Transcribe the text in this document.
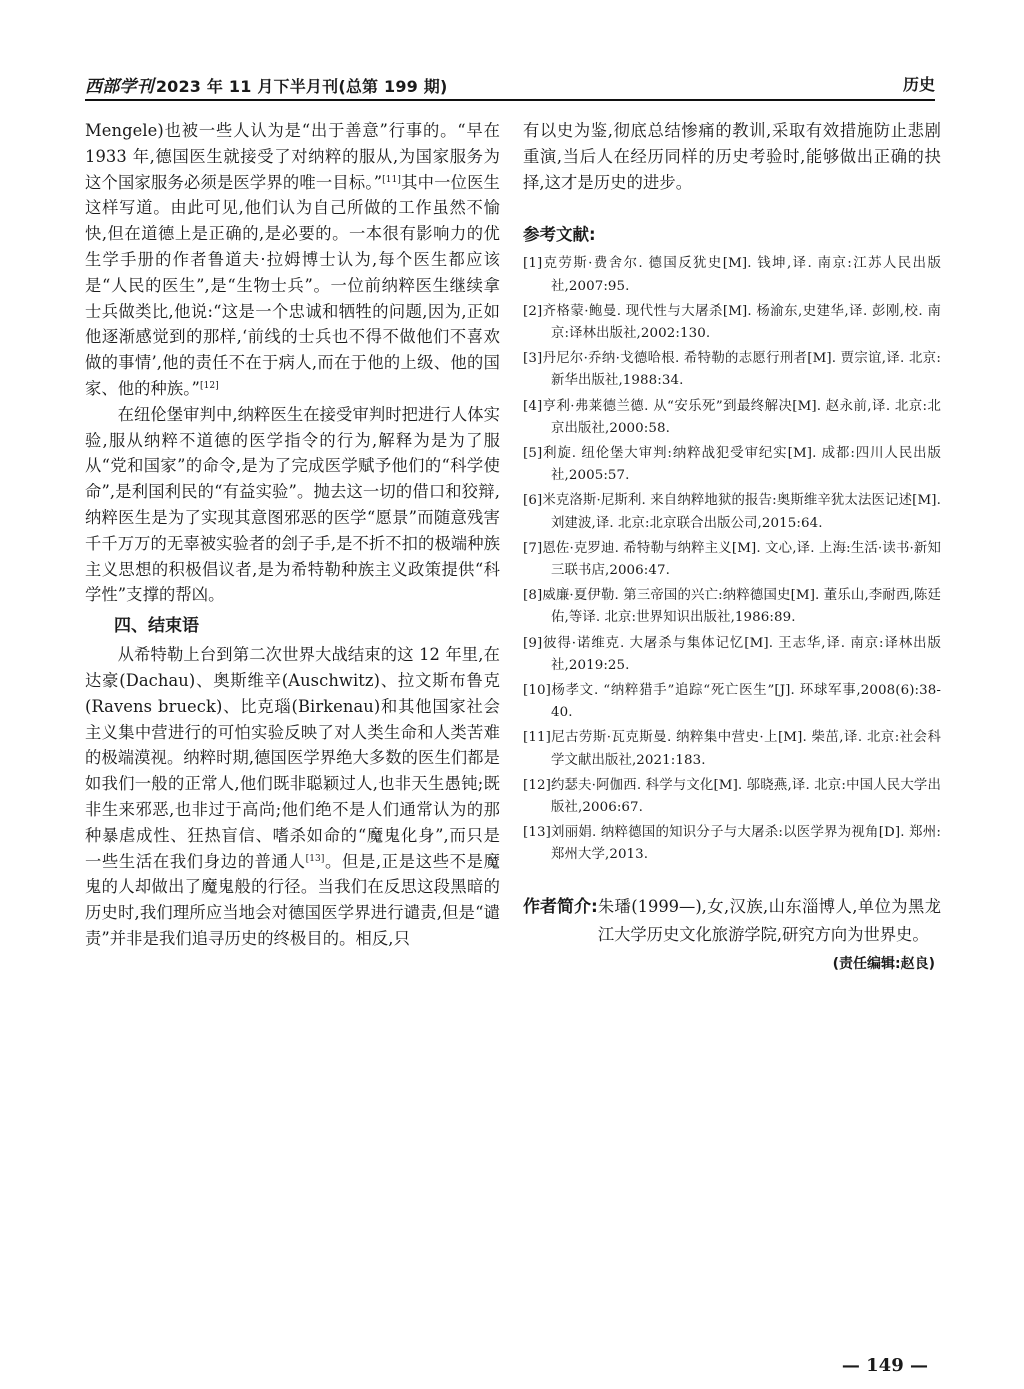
西部学刊 2023 年 11 月下半月刊(总第 199 期)	历史

Mengele)也被一些人认为是“出于善意”行事的。“早在 1933 年,德国医生就接受了对纳粹的服从,为国家服务为这个国家服务必须是医学界的唯一目标。”[11]其中一位医生这样写道。由此可见,他们认为自己所做的工作虽然不愉快,但在道德上是正确的,是必要的。一本很有影响力的优生学手册的作者鲁道夫·拉姆博士认为,每个医生都应该是“人民的医生”,是“生物士兵”。一位前纳粹医生继续拿士兵做类比,他说:“这是一个忠诚和牺牲的问题,因为,正如他逐渐感觉到的那样,‘前线的士兵也不得不做他们不喜欢做的事情’,他的责任不在于病人,而在于他的上级、他的国家、他的种族。”[12]

在纽伦堡审判中,纳粹医生在接受审判时把进行人体实验,服从纳粹不道德的医学指令的行为,解释为是为了服从“党和国家”的命令,是为了完成医学赋予他们的“科学使命”,是利国利民的“有益实验”。抛去这一切的借口和狡辩,纳粹医生是为了实现其意图邪恶的医学“愿景”而随意残害千千万万的无辜被实验者的刽子手,是不折不扣的极端种族主义思想的积极倡议者,是为希特勒种族主义政策提供“科学性”支撑的帮凶。

四、结束语

从希特勒上台到第二次世界大战结束的这 12 年里,在达豪(Dachau)、奥斯维辛(Auschwitz)、拉文斯布鲁克(Ravens brueck)、比克瑙(Birkenau)和其他国家社会主义集中营进行的可怕实验反映了对人类生命和人类苦难的极端漠视。纳粹时期,德国医学界绝大多数的医生们都是如我们一般的正常人,他们既非聪颖过人,也非天生愚钝;既非生来邪恶,也非过于高尚;他们绝不是人们通常认为的那种暴虐成性、狂热盲信、嗜杀如命的“魔鬼化身”,而只是一些生活在我们身边的普通人[13]。但是,正是这些不是魔鬼的人却做出了魔鬼般的行径。当我们在反思这段黑暗的历史时,我们理所应当地会对德国医学界进行谴责,但是“谴责”并非是我们追寻历史的终极目的。相反,只

有以史为鉴,彻底总结惨痛的教训,采取有效措施防止悲剧重演,当后人在经历同样的历史考验时,能够做出正确的抉择,这才是历史的进步。

参考文献:
[1]克劳斯·费舍尔. 德国反犹史[M]. 钱坤,译. 南京:江苏人民出版社,2007:95.
[2]齐格蒙·鲍曼. 现代性与大屠杀[M]. 杨渝东,史建华,译. 彭刚,校. 南京:译林出版社,2002:130.
[3]丹尼尔·乔纳·戈德哈根. 希特勒的志愿行刑者[M]. 贾宗谊,译. 北京:新华出版社,1988:34.
[4]亨利·弗莱德兰德. 从“安乐死”到最终解决[M]. 赵永前,译. 北京:北京出版社,2000:58.
[5]利旋. 纽伦堡大审判:纳粹战犯受审纪实[M]. 成都:四川人民出版社,2005:57.
[6]米克洛斯·尼斯利. 来自纳粹地狱的报告:奥斯维辛犹太法医记述[M]. 刘建波,译. 北京:北京联合出版公司,2015:64.
[7]恩佐·克罗迪. 希特勒与纳粹主义[M]. 文心,译. 上海:生活·读书·新知三联书店,2006:47.
[8]威廉·夏伊勒. 第三帝国的兴亡:纳粹德国史[M]. 董乐山,李耐西,陈廷佑,等译. 北京:世界知识出版社,1986:89.
[9]彼得·诺维克. 大屠杀与集体记忆[M]. 王志华,译. 南京:译林出版社,2019:25.
[10]杨孝文. “纳粹猎手”追踪“死亡医生”[J]. 环球军事,2008(6):38-40.
[11]尼古劳斯·瓦克斯曼. 纳粹集中营史·上[M]. 柴茁,译. 北京:社会科学文献出版社,2021:183.
[12]约瑟夫·阿伽西. 科学与文化[M]. 邬晓燕,译. 北京:中国人民大学出版社,2006:67.
[13]刘丽娟. 纳粹德国的知识分子与大屠杀:以医学界为视角[D]. 郑州:郑州大学,2013.
作者简介: 朱璠(1999—),女,汉族,山东淄博人,单位为黑龙江大学历史文化旅游学院,研究方向为世界史。
(责任编辑:赵良)
— 149 —
